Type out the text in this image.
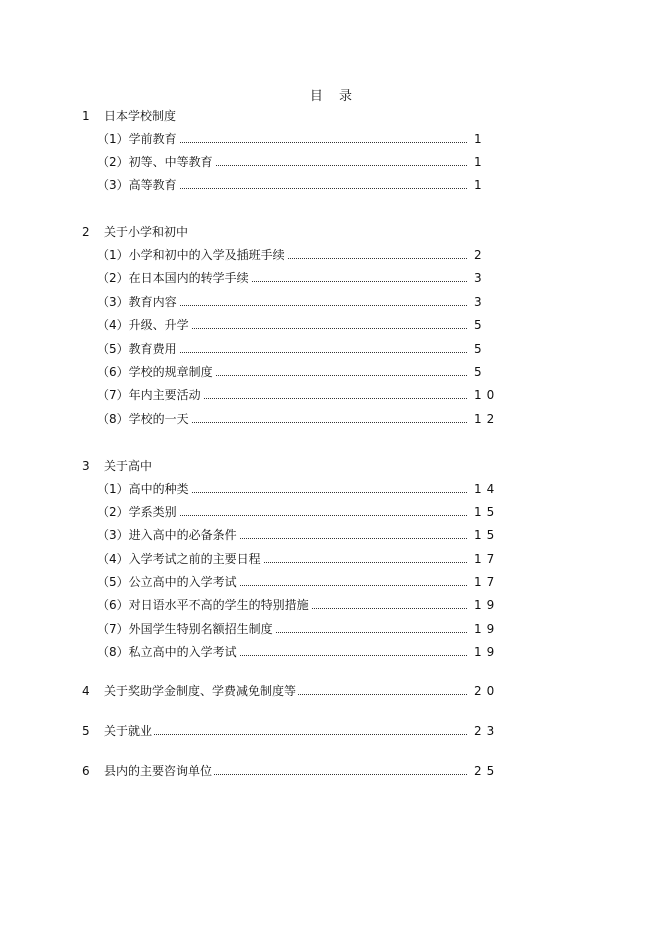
目 录
1 日本学校制度
（1）学前教育	1
（2）初等、中等教育	1
（3）高等教育	1
2 关于小学和初中
（1）小学和初中的入学及插班手续	2
（2）在日本国内的转学手续	3
（3）教育内容	3
（4）升级、升学	5
（5）教育费用	5
（6）学校的规章制度	5
（7）年内主要活动	10
（8）学校的一天	12
3 关于高中
（1）高中的种类	14
（2）学系类别	15
（3）进入高中的必备条件	15
（4）入学考试之前的主要日程	17
（5）公立高中的入学考试	17
（6）对日语水平不高的学生的特别措施	19
（7）外国学生特别名额招生制度	19
（8）私立高中的入学考试	19
4 关于奖助学金制度、学费减免制度等	20
5 关于就业	23
6 县内的主要咨询单位	25
